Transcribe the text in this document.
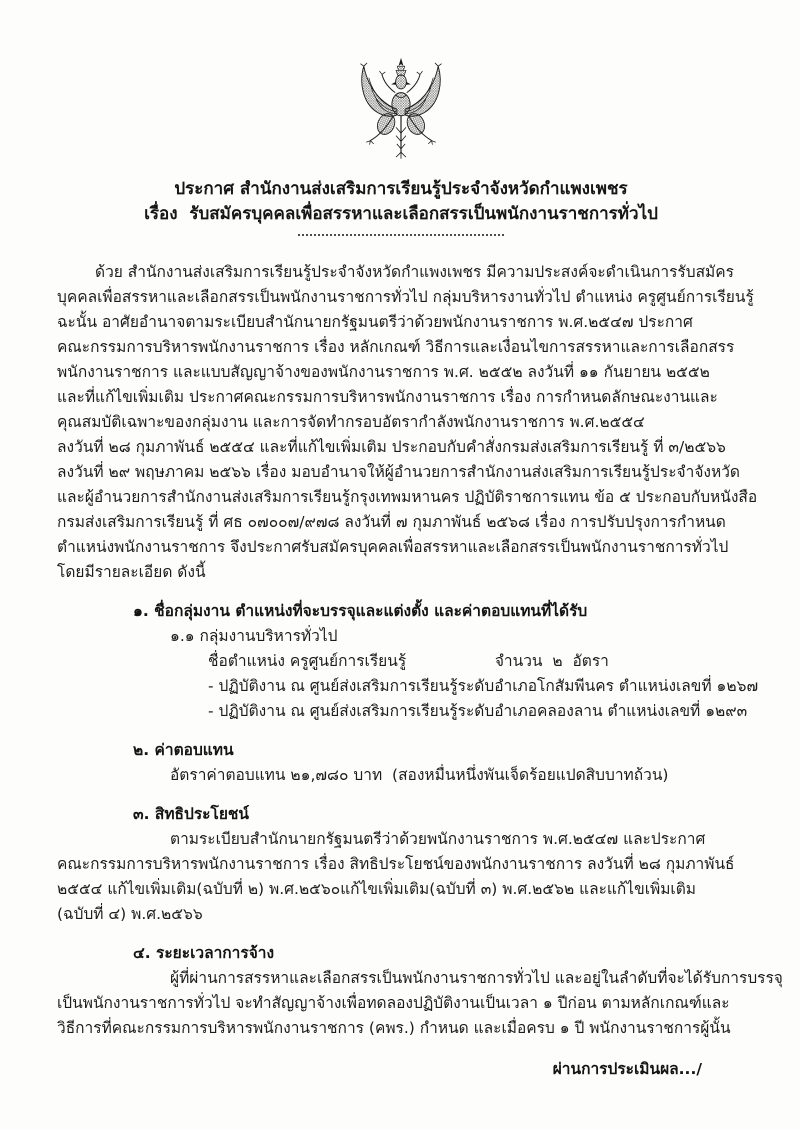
ประกาศ สำนักงานส่งเสริมการเรียนรู้ประจำจังหวัดกำแพงเพชร
เรื่อง  รับสมัครบุคคลเพื่อสรรหาและเลือกสรรเป็นพนักงานราชการทั่วไป
ด้วย สำนักงานส่งเสริมการเรียนรู้ประจำจังหวัดกำแพงเพชร มีความประสงค์จะดำเนินการรับสมัคร
บุคคลเพื่อสรรหาและเลือกสรรเป็นพนักงานราชการทั่วไป กลุ่มบริหารงานทั่วไป ตำแหน่ง ครูศูนย์การเรียนรู้
ฉะนั้น อาศัยอำนาจตามระเบียบสำนักนายกรัฐมนตรีว่าด้วยพนักงานราชการ พ.ศ.๒๕๔๗ ประกาศ
คณะกรรมการบริหารพนักงานราชการ เรื่อง หลักเกณฑ์ วิธีการและเงื่อนไขการสรรหาและการเลือกสรร
พนักงานราชการ และแบบสัญญาจ้างของพนักงานราชการ พ.ศ. ๒๕๕๒ ลงวันที่ ๑๑ กันยายน ๒๕๕๒
และที่แก้ไขเพิ่มเติม ประกาศคณะกรรมการบริหารพนักงานราชการ เรื่อง การกำหนดลักษณะงานและ
คุณสมบัติเฉพาะของกลุ่มงาน และการจัดทำกรอบอัตรากำลังพนักงานราชการ พ.ศ.๒๕๕๔
ลงวันที่ ๒๘ กุมภาพันธ์ ๒๕๕๔ และที่แก้ไขเพิ่มเติม ประกอบกับคำสั่งกรมส่งเสริมการเรียนรู้ ที่ ๓/๒๕๖๖
ลงวันที่ ๒๙ พฤษภาคม ๒๕๖๖ เรื่อง มอบอำนาจให้ผู้อำนวยการสำนักงานส่งเสริมการเรียนรู้ประจำจังหวัด
และผู้อำนวยการสำนักงานส่งเสริมการเรียนรู้กรุงเทพมหานคร ปฏิบัติราชการแทน ข้อ ๕ ประกอบกับหนังสือ
กรมส่งเสริมการเรียนรู้ ที่ ศธ ๐๗๐๐๗/๙๗๘ ลงวันที่ ๗ กุมภาพันธ์ ๒๕๖๘ เรื่อง การปรับปรุงการกำหนด
ตำแหน่งพนักงานราชการ จึงประกาศรับสมัครบุคคลเพื่อสรรหาและเลือกสรรเป็นพนักงานราชการทั่วไป
โดยมีรายละเอียด ดังนี้
๑. ชื่อกลุ่มงาน ตำแหน่งที่จะบรรจุและแต่งตั้ง และค่าตอบแทนที่ได้รับ
๑.๑ กลุ่มงานบริหารทั่วไป
ชื่อตำแหน่ง ครูศูนย์การเรียนรู้                  จำนวน  ๒  อัตรา
- ปฏิบัติงาน ณ ศูนย์ส่งเสริมการเรียนรู้ระดับอำเภอโกสัมพีนคร ตำแหน่งเลขที่ ๑๒๖๗
- ปฏิบัติงาน ณ ศูนย์ส่งเสริมการเรียนรู้ระดับอำเภอคลองลาน ตำแหน่งเลขที่ ๑๒๙๓
๒. ค่าตอบแทน
อัตราค่าตอบแทน ๒๑,๗๘๐ บาท  (สองหมื่นหนึ่งพันเจ็ดร้อยแปดสิบบาทถ้วน)
๓. สิทธิประโยชน์
ตามระเบียบสำนักนายกรัฐมนตรีว่าด้วยพนักงานราชการ พ.ศ.๒๕๔๗ และประกาศ
คณะกรรมการบริหารพนักงานราชการ เรื่อง สิทธิประโยชน์ของพนักงานราชการ ลงวันที่ ๒๘ กุมภาพันธ์
๒๕๕๔ แก้ไขเพิ่มเติม(ฉบับที่ ๒) พ.ศ.๒๕๖๐แก้ไขเพิ่มเติม(ฉบับที่ ๓) พ.ศ.๒๕๖๒ และแก้ไขเพิ่มเติม
(ฉบับที่ ๔) พ.ศ.๒๕๖๖
๔. ระยะเวลาการจ้าง
ผู้ที่ผ่านการสรรหาและเลือกสรรเป็นพนักงานราชการทั่วไป และอยู่ในลำดับที่จะได้รับการบรรจุ
เป็นพนักงานราชการทั่วไป จะทำสัญญาจ้างเพื่อทดลองปฏิบัติงานเป็นเวลา ๑ ปีก่อน ตามหลักเกณฑ์และ
วิธีการที่คณะกรรมการบริหารพนักงานราชการ (คพร.) กำหนด และเมื่อครบ ๑ ปี พนักงานราชการผู้นั้น
ผ่านการประเมินผล.../
